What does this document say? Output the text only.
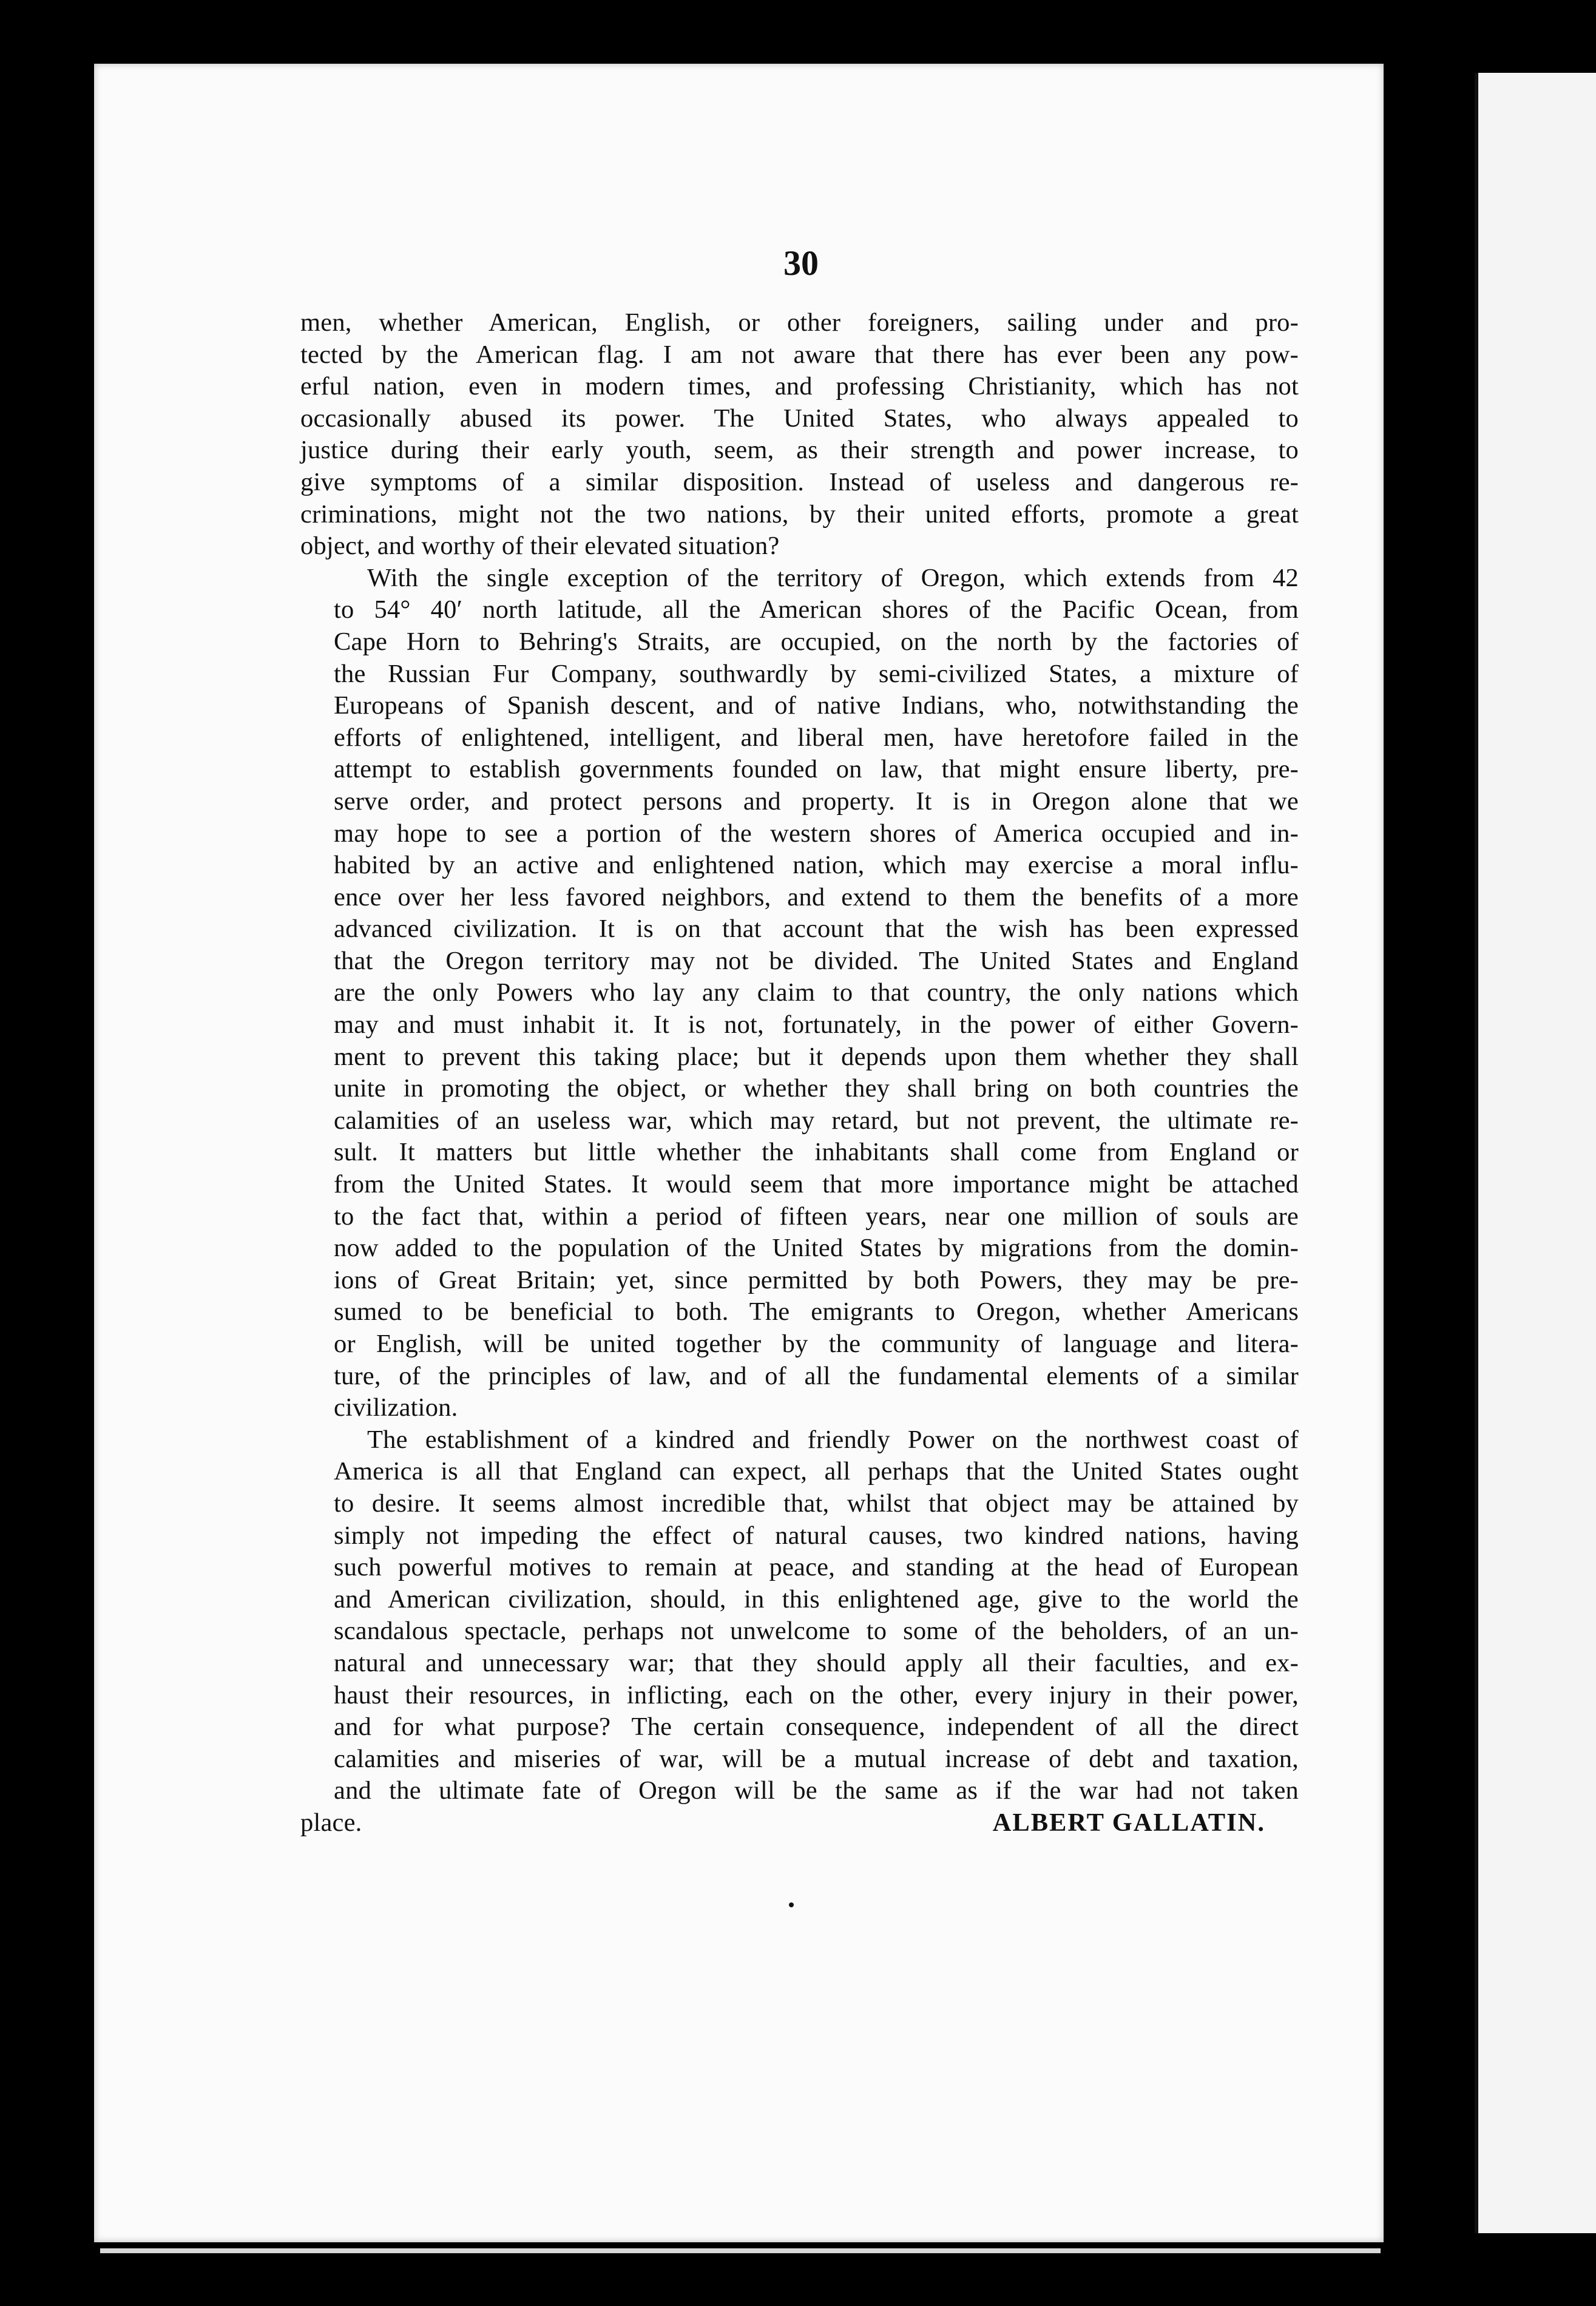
30

men, whether American, English, or other foreigners, sailing under and pro-
tected by the American flag. I am not aware that there has ever been any pow-
erful nation, even in modern times, and professing Christianity, which has not
occasionally abused its power. The United States, who always appealed to
justice during their early youth, seem, as their strength and power increase, to
give symptoms of a similar disposition. Instead of useless and dangerous re-
criminations, might not the two nations, by their united efforts, promote a great
object, and worthy of their elevated situation?

With the single exception of the territory of Oregon, which extends from 42
to 54° 40′ north latitude, all the American shores of the Pacific Ocean, from
Cape Horn to Behring's Straits, are occupied, on the north by the factories of
the Russian Fur Company, southwardly by semi-civilized States, a mixture of
Europeans of Spanish descent, and of native Indians, who, notwithstanding the
efforts of enlightened, intelligent, and liberal men, have heretofore failed in the
attempt to establish governments founded on law, that might ensure liberty, pre-
serve order, and protect persons and property. It is in Oregon alone that we
may hope to see a portion of the western shores of America occupied and in-
habited by an active and enlightened nation, which may exercise a moral influ-
ence over her less favored neighbors, and extend to them the benefits of a more
advanced civilization. It is on that account that the wish has been expressed
that the Oregon territory may not be divided. The United States and England
are the only Powers who lay any claim to that country, the only nations which
may and must inhabit it. It is not, fortunately, in the power of either Govern-
ment to prevent this taking place; but it depends upon them whether they shall
unite in promoting the object, or whether they shall bring on both countries the
calamities of an useless war, which may retard, but not prevent, the ultimate re-
sult. It matters but little whether the inhabitants shall come from England or
from the United States. It would seem that more importance might be attached
to the fact that, within a period of fifteen years, near one million of souls are
now added to the population of the United States by migrations from the domin-
ions of Great Britain; yet, since permitted by both Powers, they may be pre-
sumed to be beneficial to both. The emigrants to Oregon, whether Americans
or English, will be united together by the community of language and litera-
ture, of the principles of law, and of all the fundamental elements of a similar
civilization.

The establishment of a kindred and friendly Power on the northwest coast of
America is all that England can expect, all perhaps that the United States ought
to desire. It seems almost incredible that, whilst that object may be attained by
simply not impeding the effect of natural causes, two kindred nations, having
such powerful motives to remain at peace, and standing at the head of European
and American civilization, should, in this enlightened age, give to the world the
scandalous spectacle, perhaps not unwelcome to some of the beholders, of an un-
natural and unnecessary war; that they should apply all their faculties, and ex-
haust their resources, in inflicting, each on the other, every injury in their power,
and for what purpose? The certain consequence, independent of all the direct
calamities and miseries of war, will be a mutual increase of debt and taxation,
and the ultimate fate of Oregon will be the same as if the war had not taken

place.	ALBERT GALLATIN.
